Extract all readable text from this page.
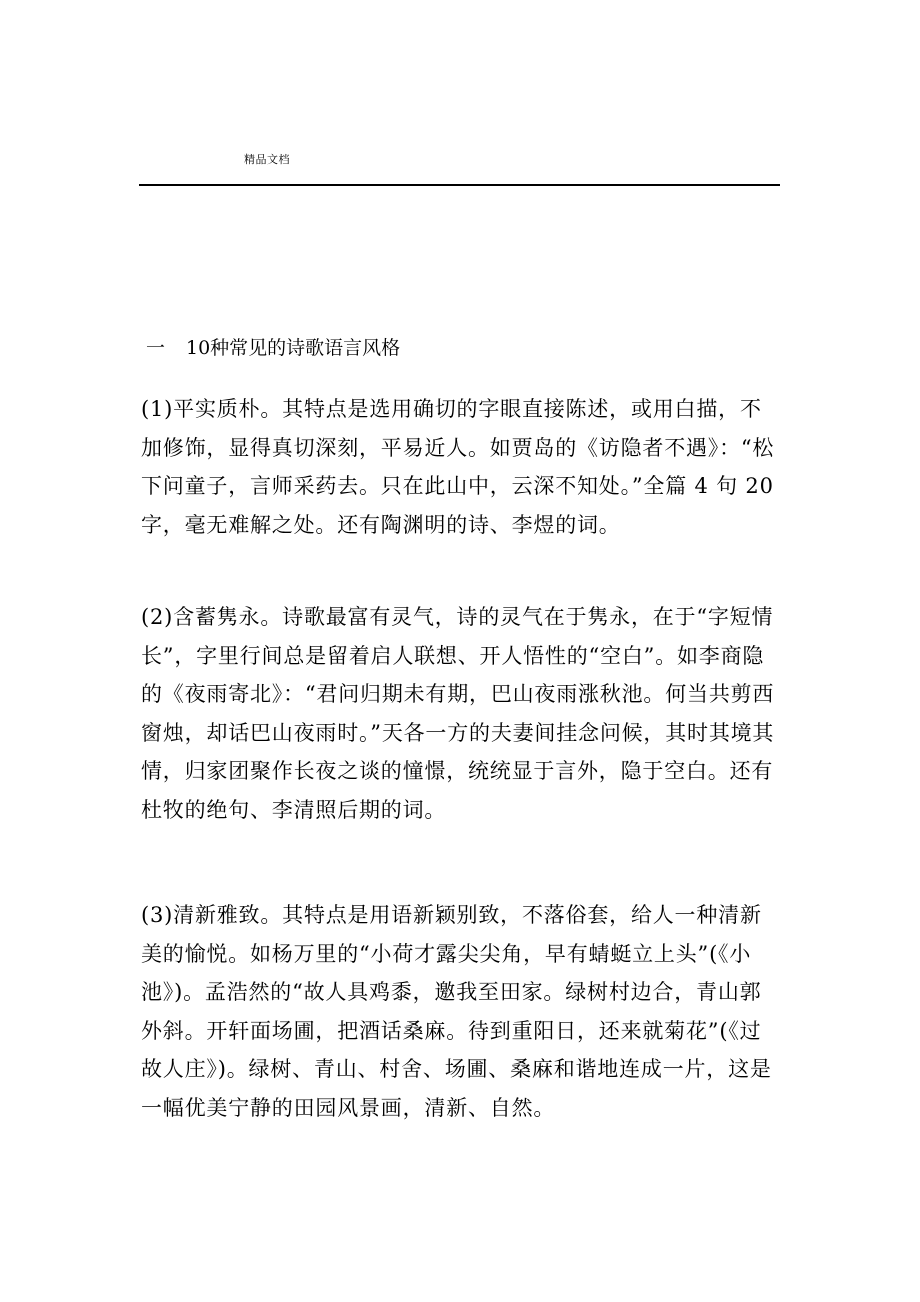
精品文档
一 10种常见的诗歌语言风格

(1)平实质朴。其特点是选用确切的字眼直接陈述，或用白描，不加修饰，显得真切深刻，平易近人。如贾岛的《访隐者不遇》：“松下问童子，言师采药去。只在此山中，云深不知处。”全篇 4 句 20 字，毫无难解之处。还有陶渊明的诗、李煜的词。

(2)含蓄隽永。诗歌最富有灵气，诗的灵气在于隽永，在于“字短情长”，字里行间总是留着启人联想、开人悟性的“空白”。如李商隐的《夜雨寄北》：“君问归期未有期，巴山夜雨涨秋池。何当共剪西窗烛，却话巴山夜雨时。”天各一方的夫妻间挂念问候，其时其境其情，归家团聚作长夜之谈的憧憬，统统显于言外，隐于空白。还有杜牧的绝句、李清照后期的词。

(3)清新雅致。其特点是用语新颖别致，不落俗套，给人一种清新美的愉悦。如杨万里的“小荷才露尖尖角，早有蜻蜓立上头”(《小池》)。孟浩然的“故人具鸡黍，邀我至田家。绿树村边合，青山郭外斜。开轩面场圃，把酒话桑麻。待到重阳日，还来就菊花”(《过故人庄》)。绿树、青山、村舍、场圃、桑麻和谐地连成一片，这是一幅优美宁静的田园风景画，清新、自然。
